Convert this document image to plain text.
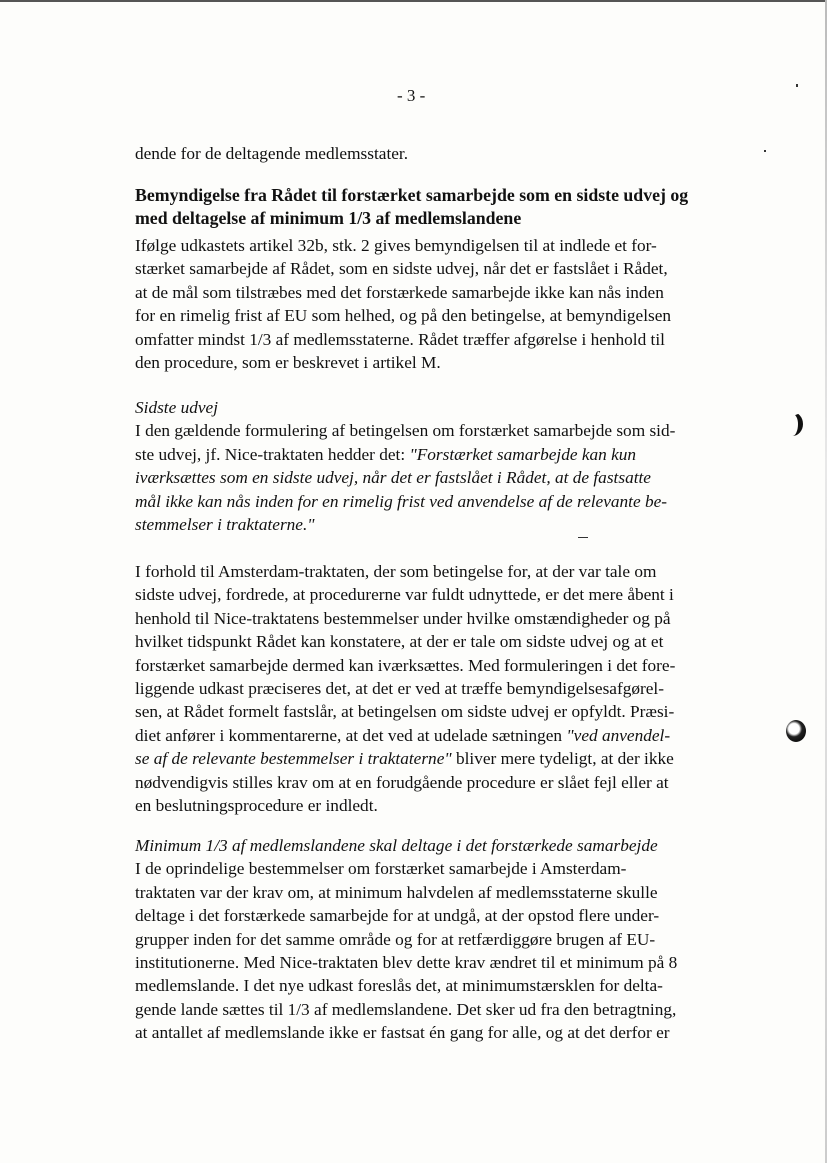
- 3 -
dende for de deltagende medlemsstater.
Bemyndigelse fra Rådet til forstærket samarbejde som en sidste udvej og
med deltagelse af minimum 1/3 af medlemslandene
Ifølge udkastets artikel 32b, stk. 2 gives bemyndigelsen til at indlede et for-
stærket samarbejde af Rådet, som en sidste udvej, når det er fastslået i Rådet,
at de mål som tilstræbes med det forstærkede samarbejde ikke kan nås inden
for en rimelig frist af EU som helhed, og på den betingelse, at bemyndigelsen
omfatter mindst 1/3 af medlemsstaterne. Rådet træffer afgørelse i henhold til
den procedure, som er beskrevet i artikel M.
Sidste udvej
I den gældende formulering af betingelsen om forstærket samarbejde som sid-
ste udvej, jf. Nice-traktaten hedder det: "Forstærket samarbejde kan kun
iværksættes som en sidste udvej, når det er fastslået i Rådet, at de fastsatte
mål ikke kan nås inden for en rimelig frist ved anvendelse af de relevante be-
stemmelser i traktaterne."
I forhold til Amsterdam-traktaten, der som betingelse for, at der var tale om
sidste udvej, fordrede, at procedurerne var fuldt udnyttede, er det mere åbent i
henhold til Nice-traktatens bestemmelser under hvilke omstændigheder og på
hvilket tidspunkt Rådet kan konstatere, at der er tale om sidste udvej og at et
forstærket samarbejde dermed kan iværksættes. Med formuleringen i det fore-
liggende udkast præciseres det, at det er ved at træffe bemyndigelsesafgørel-
sen, at Rådet formelt fastslår, at betingelsen om sidste udvej er opfyldt. Præsi-
diet anfører i kommentarerne, at det ved at udelade sætningen "ved anvendel-
se af de relevante bestemmelser i traktaterne" bliver mere tydeligt, at der ikke
nødvendigvis stilles krav om at en forudgående procedure er slået fejl eller at
en beslutningsprocedure er indledt.
Minimum 1/3 af medlemslandene skal deltage i det forstærkede samarbejde
I de oprindelige bestemmelser om forstærket samarbejde i Amsterdam-
traktaten var der krav om, at minimum halvdelen af medlemsstaterne skulle
deltage i det forstærkede samarbejde for at undgå, at der opstod flere under-
grupper inden for det samme område og for at retfærdiggøre brugen af EU-
institutionerne. Med Nice-traktaten blev dette krav ændret til et minimum på 8
medlemslande. I det nye udkast foreslås det, at minimumstærsklen for delta-
gende lande sættes til 1/3 af medlemslandene. Det sker ud fra den betragtning,
at antallet af medlemslande ikke er fastsat én gang for alle, og at det derfor er
